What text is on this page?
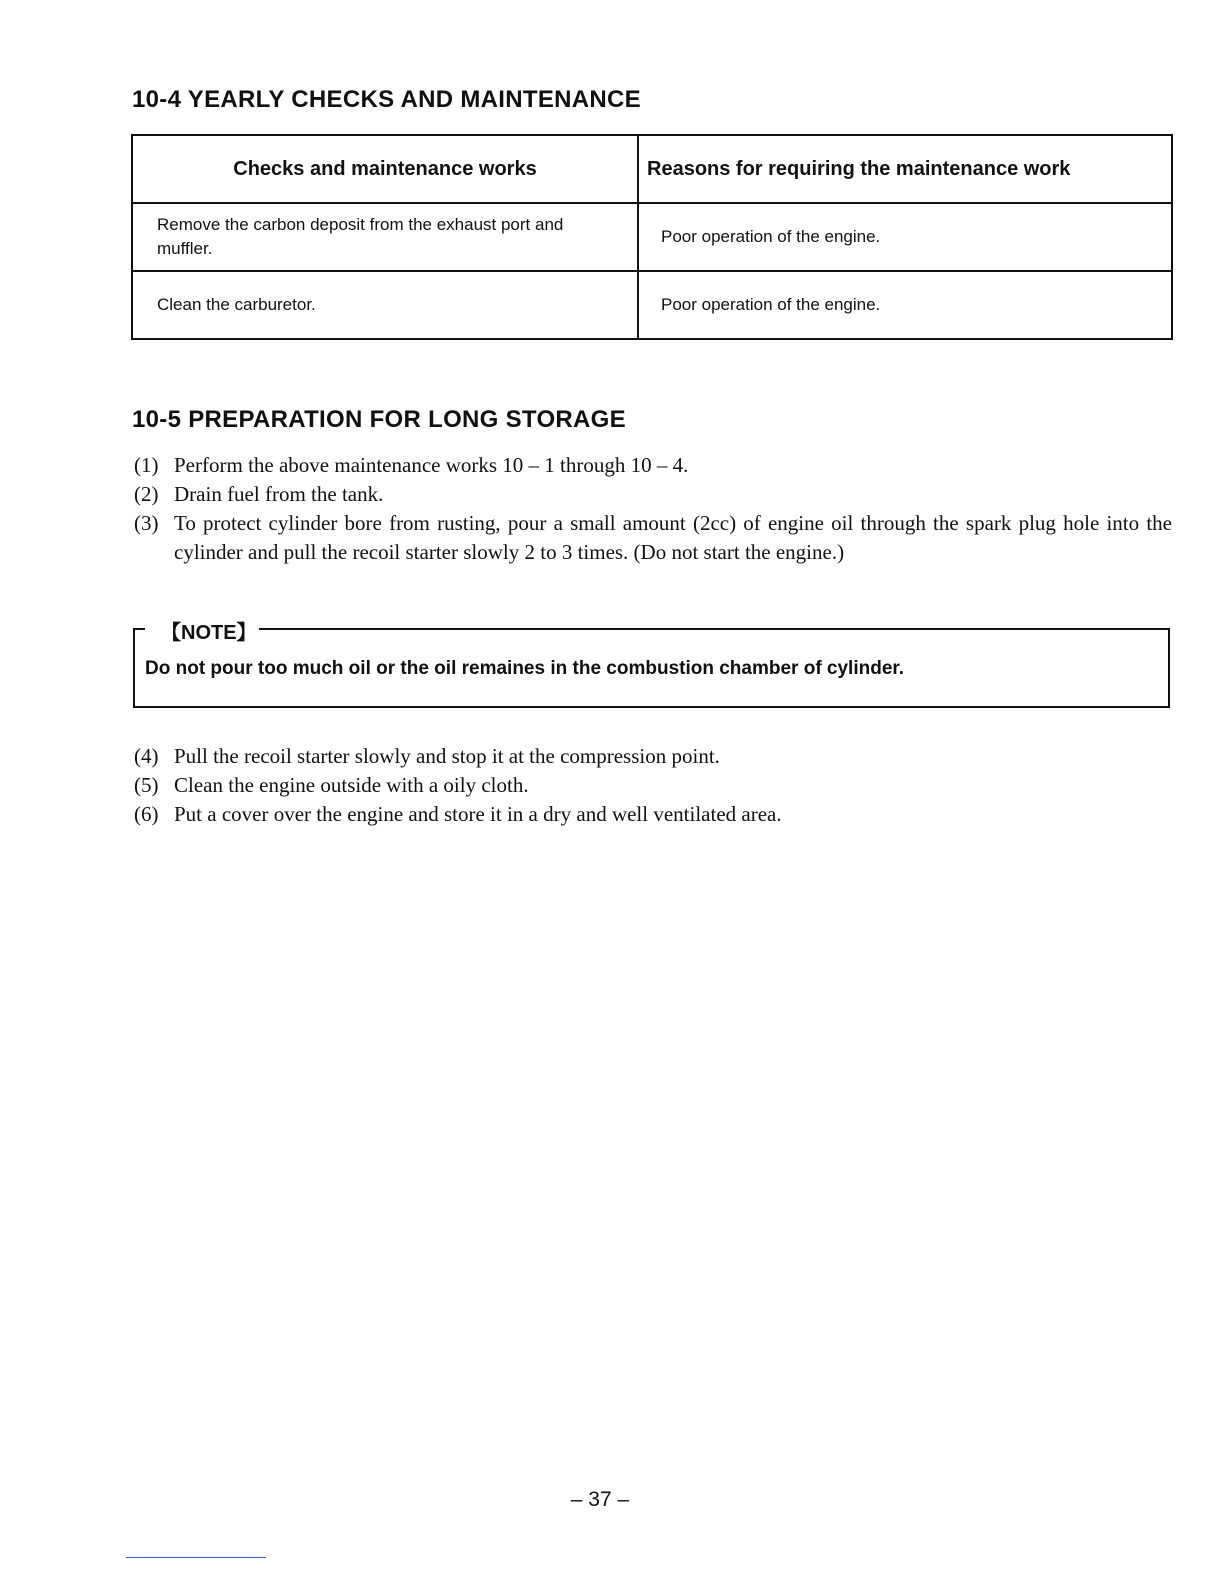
10-4 YEARLY CHECKS AND MAINTENANCE
Checks and maintenance works	Reasons for requiring the maintenance work
Remove the carbon deposit from the exhaust port and muffler.	Poor operation of the engine.
Clean the carburetor.	Poor operation of the engine.
10-5 PREPARATION FOR LONG STORAGE
(1) Perform the above maintenance works 10 – 1 through 10 – 4.
(2) Drain fuel from the tank.
(3) To protect cylinder bore from rusting, pour a small amount (2cc) of engine oil through the spark plug hole into the cylinder and pull the recoil starter slowly 2 to 3 times. (Do not start the engine.)
【NOTE】
Do not pour too much oil or the oil remaines in the combustion chamber of cylinder.
(4) Pull the recoil starter slowly and stop it at the compression point.
(5) Clean the engine outside with a oily cloth.
(6) Put a cover over the engine and store it in a dry and well ventilated area.
– 37 –
